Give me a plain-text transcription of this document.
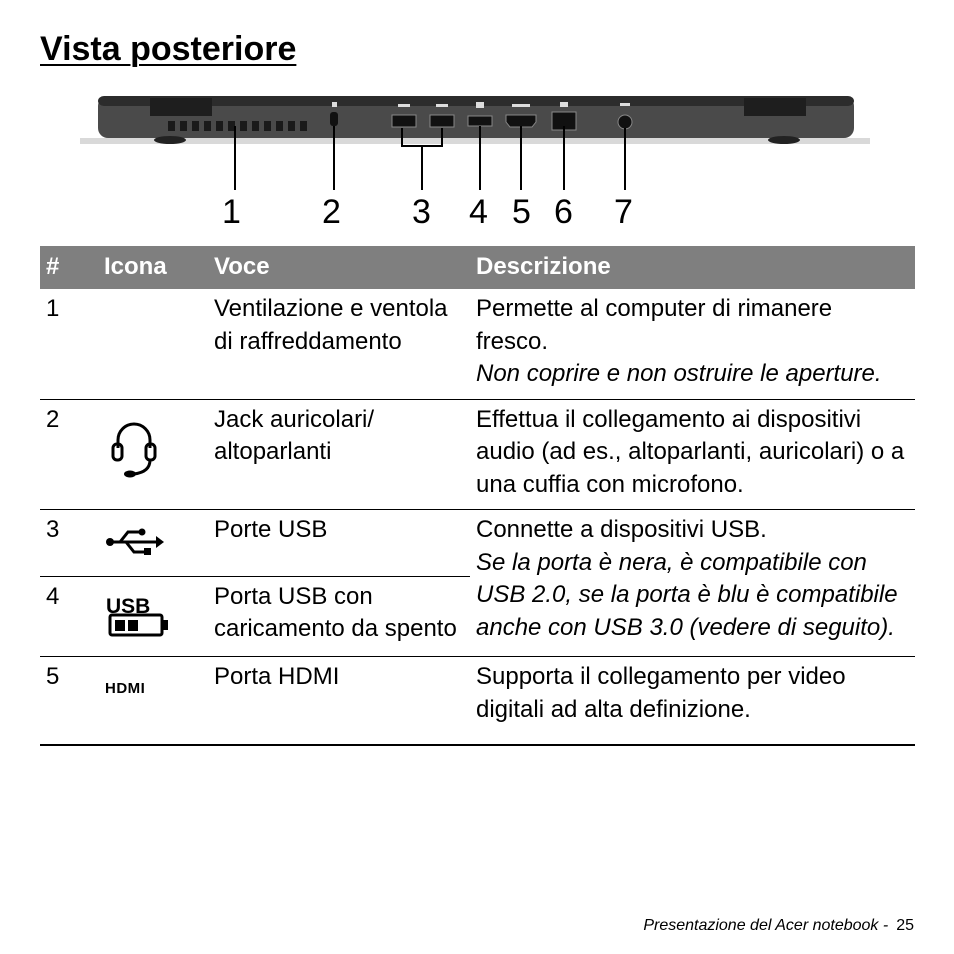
Vista posteriore
1 2 3 4 5 6 7
#	Icona	Voce	Descrizione
1		Ventilazione e ventola di raffreddamento	Permette al computer di rimanere fresco.
Non coprire e non ostruire le aperture.

2		Jack auricolari/ altoparlanti	Effettua il collegamento ai dispositivi audio (ad es., altoparlanti, auricolari) o a una cuffia con microfono.
3		Porte USB	Connette a dispositivi USB.
Se la porta è nera, è compatibile con USB 2.0, se la porta è blu è compatibile anche con USB 3.0 (vedere di seguito).

4	USB	Porta USB con caricamento da spento	
5	HDMI	Porta HDMI	Supporta il collegamento per video digitali ad alta definizione.
Presentazione del Acer notebook - 25
